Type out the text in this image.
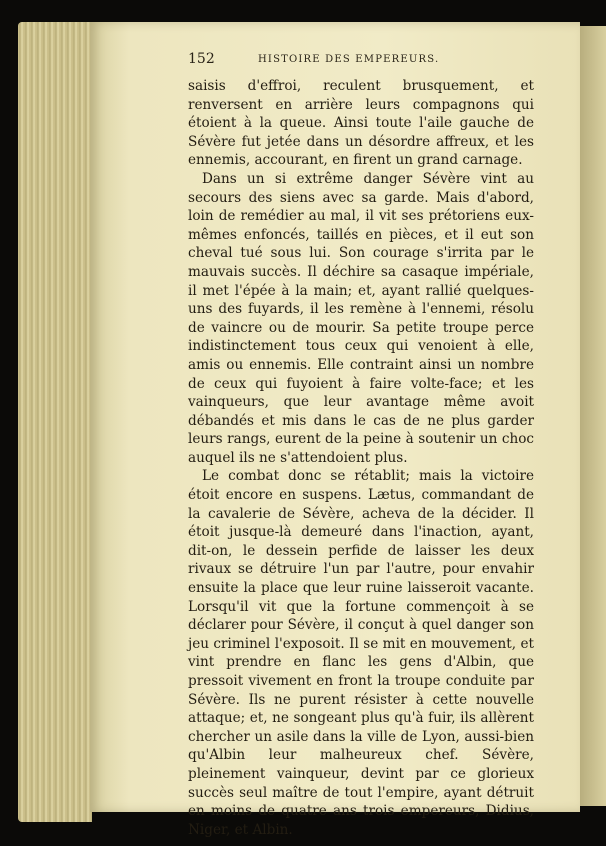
152	HISTOIRE DES EMPEREURS.

saisis d'effroi, reculent brusquement, et renversent en arrière leurs compagnons qui étoient à la queue. Ainsi toute l'aile gauche de Sévère fut jetée dans un désordre affreux, et les ennemis, accourant, en firent un grand carnage.

Dans un si extrême danger Sévère vint au secours des siens avec sa garde. Mais d'abord, loin de remédier au mal, il vit ses prétoriens eux-mêmes enfoncés, taillés en pièces, et il eut son cheval tué sous lui. Son courage s'irrita par le mauvais succès. Il déchire sa casaque impériale, il met l'épée à la main; et, ayant rallié quelques-uns des fuyards, il les remène à l'ennemi, résolu de vaincre ou de mourir. Sa petite troupe perce indistinctement tous ceux qui venoient à elle, amis ou ennemis. Elle contraint ainsi un nombre de ceux qui fuyoient à faire volte-face; et les vainqueurs, que leur avantage même avoit débandés et mis dans le cas de ne plus garder leurs rangs, eurent de la peine à soutenir un choc auquel ils ne s'attendoient plus.

Le combat donc se rétablit; mais la victoire étoit encore en suspens. Lætus, commandant de la cavalerie de Sévère, acheva de la décider. Il étoit jusque-là demeuré dans l'inaction, ayant, dit-on, le dessein perfide de laisser les deux rivaux se détruire l'un par l'autre, pour envahir ensuite la place que leur ruine laisseroit vacante. Lorsqu'il vit que la fortune commençoit à se déclarer pour Sévère, il conçut à quel danger son jeu criminel l'exposoit. Il se mit en mouvement, et vint prendre en flanc les gens d'Albin, que pressoit vivement en front la troupe conduite par Sévère. Ils ne purent résister à cette nouvelle attaque; et, ne songeant plus qu'à fuir, ils allèrent chercher un asile dans la ville de Lyon, aussi-bien qu'Albin leur malheureux chef. Sévère, pleinement vainqueur, devint par ce glorieux succès seul maître de tout l'empire, ayant détruit en moins de quatre ans trois empereurs, Didius, Niger, et Albin.
